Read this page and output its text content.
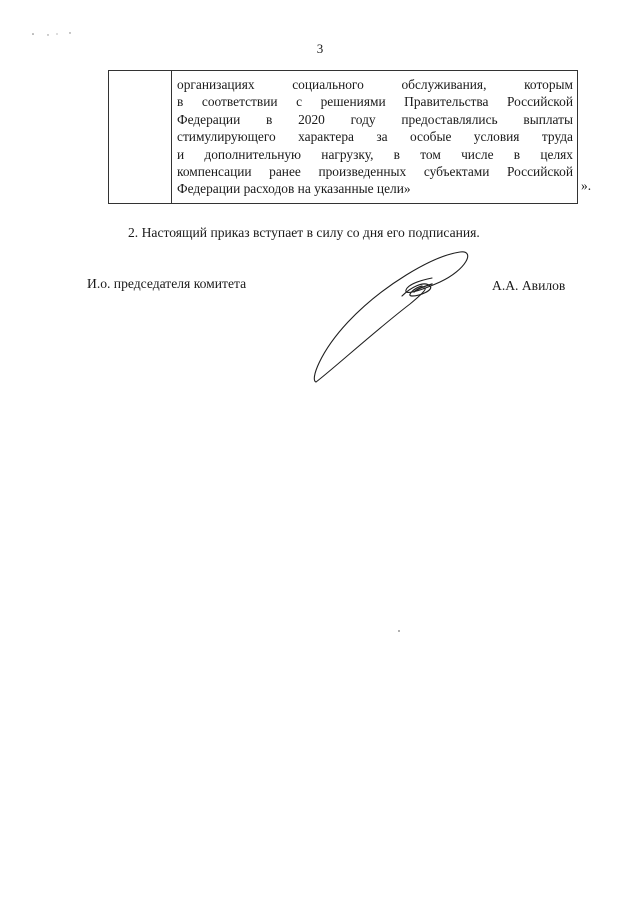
3
организациях социального обслуживания, которым
в соответствии с решениями Правительства Российской
Федерации в 2020 году предоставлялись выплаты
стимулирующего характера за особые условия труда
и дополнительную нагрузку, в том числе в целях
компенсации ранее произведенных субъектами Российской
Федерации расходов на указанные цели»	».
2. Настоящий приказ вступает в силу со дня его подписания.
И.о. председателя комитета	А.А. Авилов
